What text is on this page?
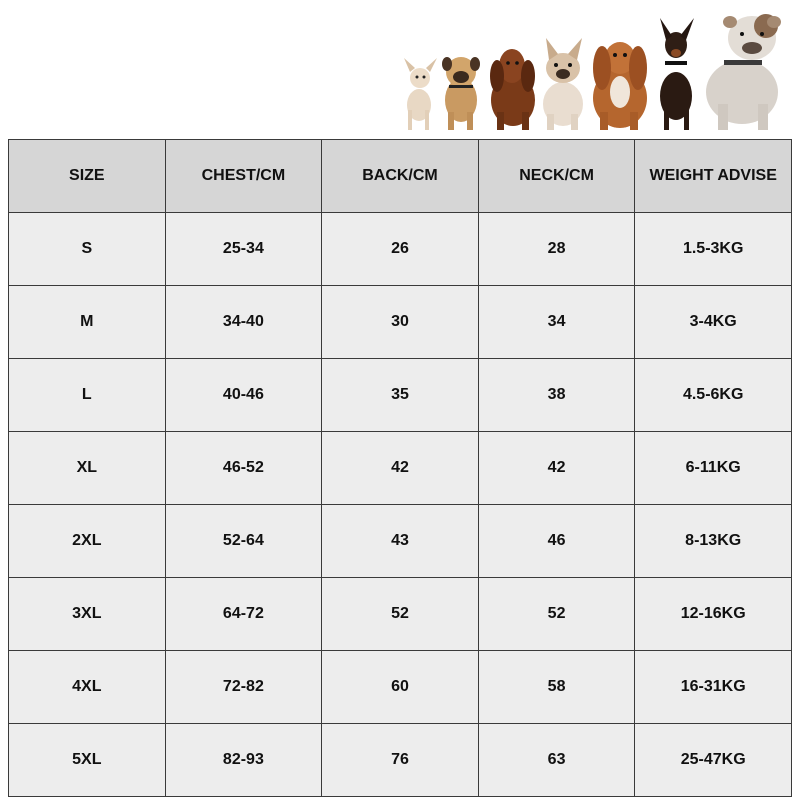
SIZE	CHEST/CM	BACK/CM	NECK/CM	WEIGHT ADVISE
S	25-34	26	28	1.5-3KG
M	34-40	30	34	3-4KG
L	40-46	35	38	4.5-6KG
XL	46-52	42	42	6-11KG
2XL	52-64	43	46	8-13KG
3XL	64-72	52	52	12-16KG
4XL	72-82	60	58	16-31KG
5XL	82-93	76	63	25-47KG
